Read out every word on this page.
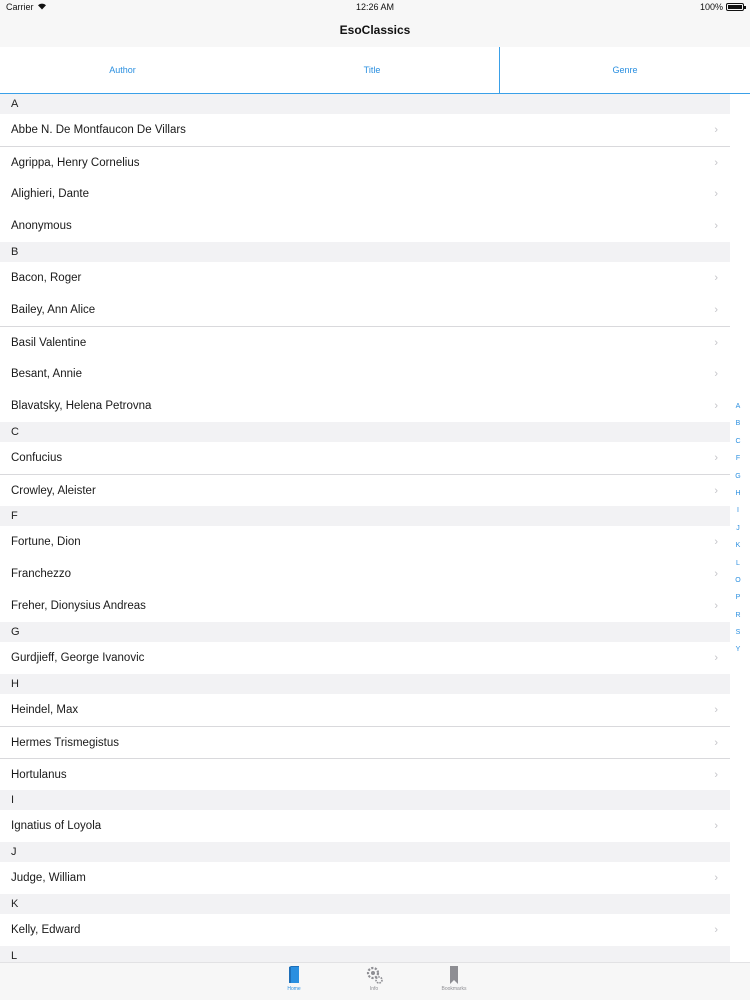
Carrier	12:26 AM	100%
EsoClassics
Author	Title	Genre
A
Abbe N. De Montfaucon De Villars	›
Agrippa, Henry Cornelius	›
Alighieri, Dante	›
Anonymous	›
B
Bacon, Roger	›
Bailey, Ann Alice	›
Basil Valentine	›
Besant, Annie	›
Blavatsky, Helena Petrovna	›
C
Confucius	›
Crowley, Aleister	›
F
Fortune, Dion	›
Franchezzo	›
Freher, Dionysius Andreas	›
G
Gurdjieff, George Ivanovic	›
H
Heindel, Max	›
Hermes Trismegistus	›
Hortulanus	›
I
Ignatius of Loyola	›
J
Judge, William	›
K
Kelly, Edward	›
L
A
B
C
F
G
H
I
J
K
L
O
P
R
S
Y
Home	Info	Bookmarks
